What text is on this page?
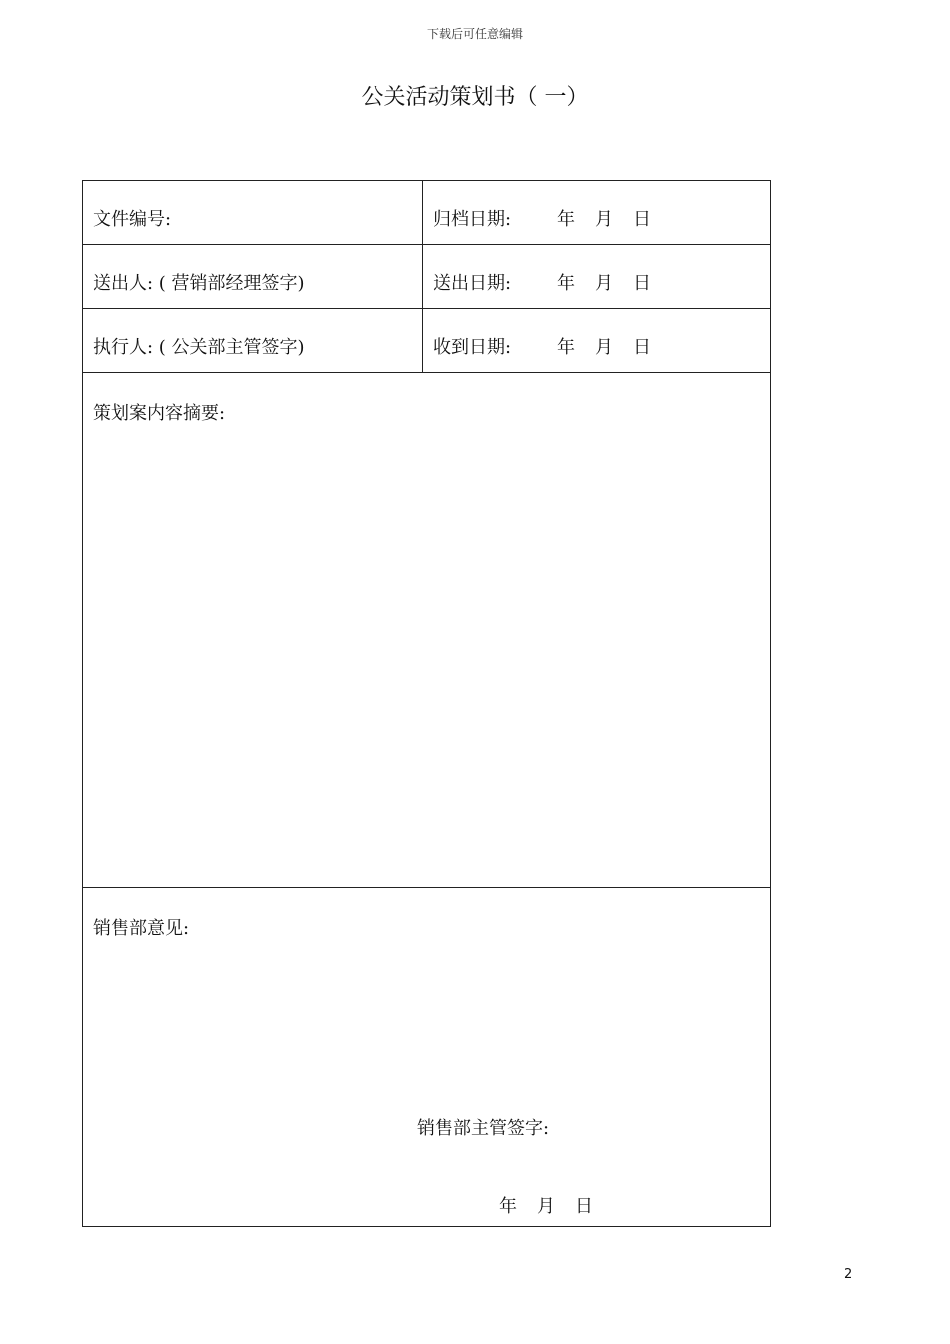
下载后可任意编辑
公关活动策划书（ 一）
文件编号:	归档日期:	年 月 日
送出人: ( 营销部经理签字)	送出日期:	年 月 日
执行人: ( 公关部主管签字)	收到日期:	年 月 日
策划案内容摘要:
销售部意见:
销售部主管签字:
年 月 日
2
